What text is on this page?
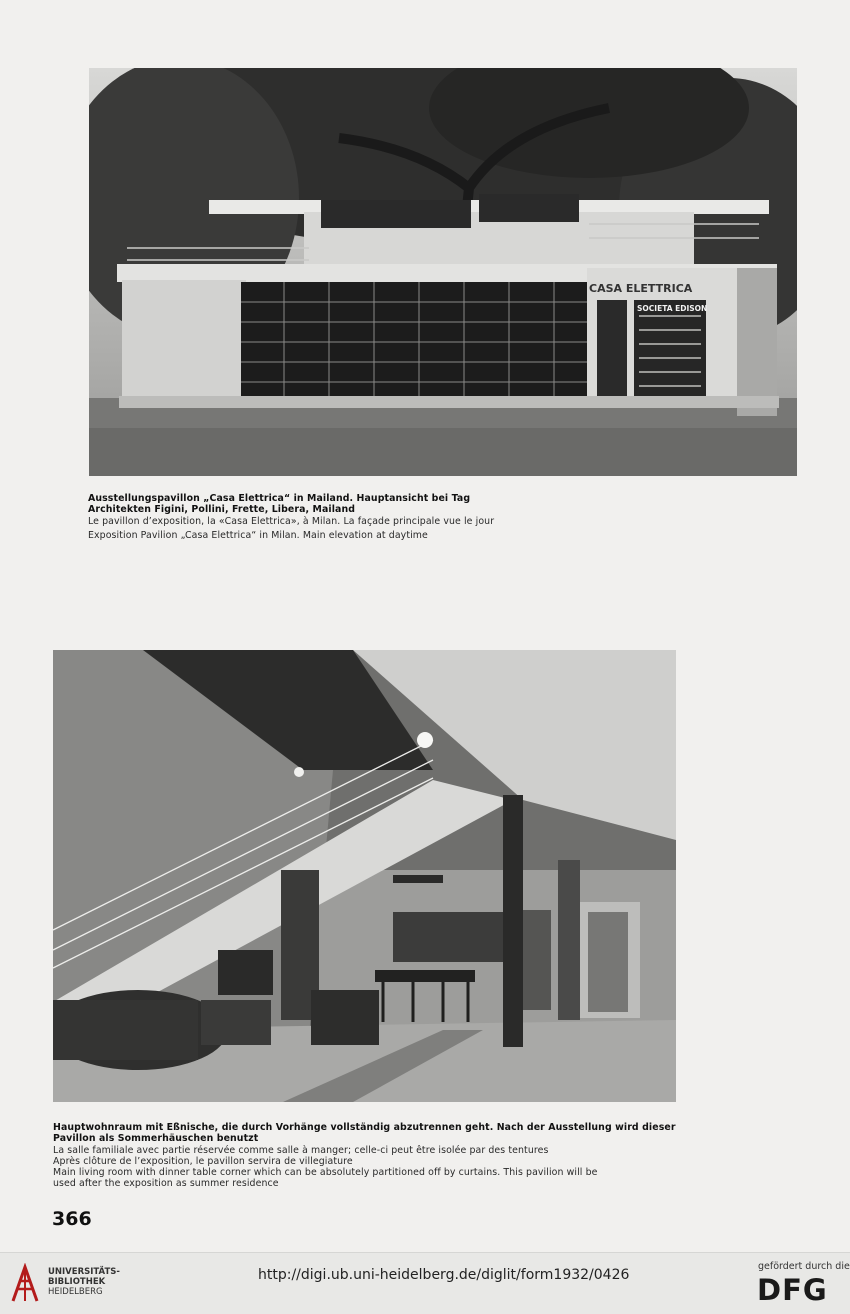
CASA ELETTRICA
SOCIETA EDISON

Ausstellungspavillon „Casa Elettrica“ in Mailand. Hauptansicht bei Tag

Architekten Figini, Pollini, Frette, Libera, Mailand

Le pavillon d’exposition, la «Casa Elettrica», à Milan. La façade principale vue le jour

Exposition Pavilion „Casa Elettrica“ in Milan. Main elevation at daytime

Hauptwohnraum mit Eßnische, die durch Vorhänge vollständig abzutrennen geht. Nach der Ausstellung wird dieser

Pavillon als Sommerhäuschen benutzt

La salle familiale avec partie réservée comme salle à manger; celle-ci peut être isolée par des tentures

Après clôture de l’exposition, le pavillon servira de villegiature

Main living room with dinner table corner which can be absolutely partitioned off by curtains. This pavilion will be

used after the exposition as summer residence

366
UNIVERSITÄTS-
BIBLIOTHEK
HEIDELBERG
http://digi.ub.uni-heidelberg.de/diglit/form1932/0426
gefördert durch die
DFG
